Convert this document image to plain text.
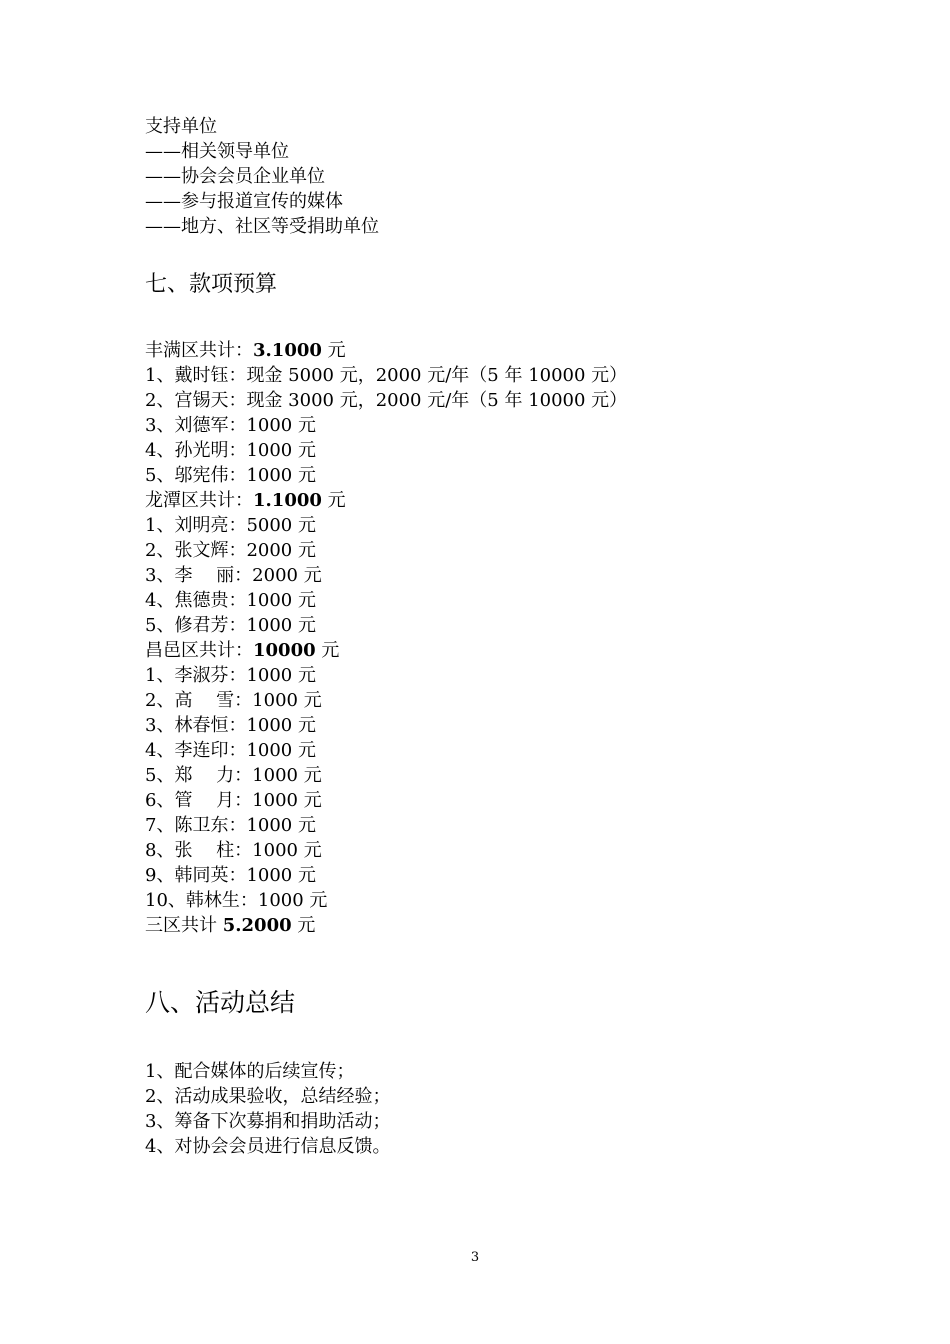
支持单位
——相关领导单位
——协会会员企业单位
——参与报道宣传的媒体
——地方、社区等受捐助单位
七、款项预算
丰满区共计：3.1000 元
1、戴时钰：现金 5000 元，2000 元/年（5 年 10000 元）
2、宫锡天：现金 3000 元，2000 元/年（5 年 10000 元）
3、刘德军：1000 元
4、孙光明：1000 元
5、邬宪伟：1000 元
龙潭区共计：1.1000 元
1、刘明亮：5000 元
2、张文辉：2000 元
3、李　 丽：2000 元
4、焦德贵：1000 元
5、修君芳：1000 元
昌邑区共计：10000 元
1、李淑芬：1000 元
2、高　 雪：1000 元
3、林春恒：1000 元
4、李连印：1000 元
5、郑　 力：1000 元
6、管　 月：1000 元
7、陈卫东：1000 元
8、张　 柱：1000 元
9、韩同英：1000 元
10、韩林生：1000 元
三区共计 5.2000 元
八、活动总结
1、配合媒体的后续宣传；
2、活动成果验收，总结经验；
3、筹备下次募捐和捐助活动；
4、对协会会员进行信息反馈。
3
